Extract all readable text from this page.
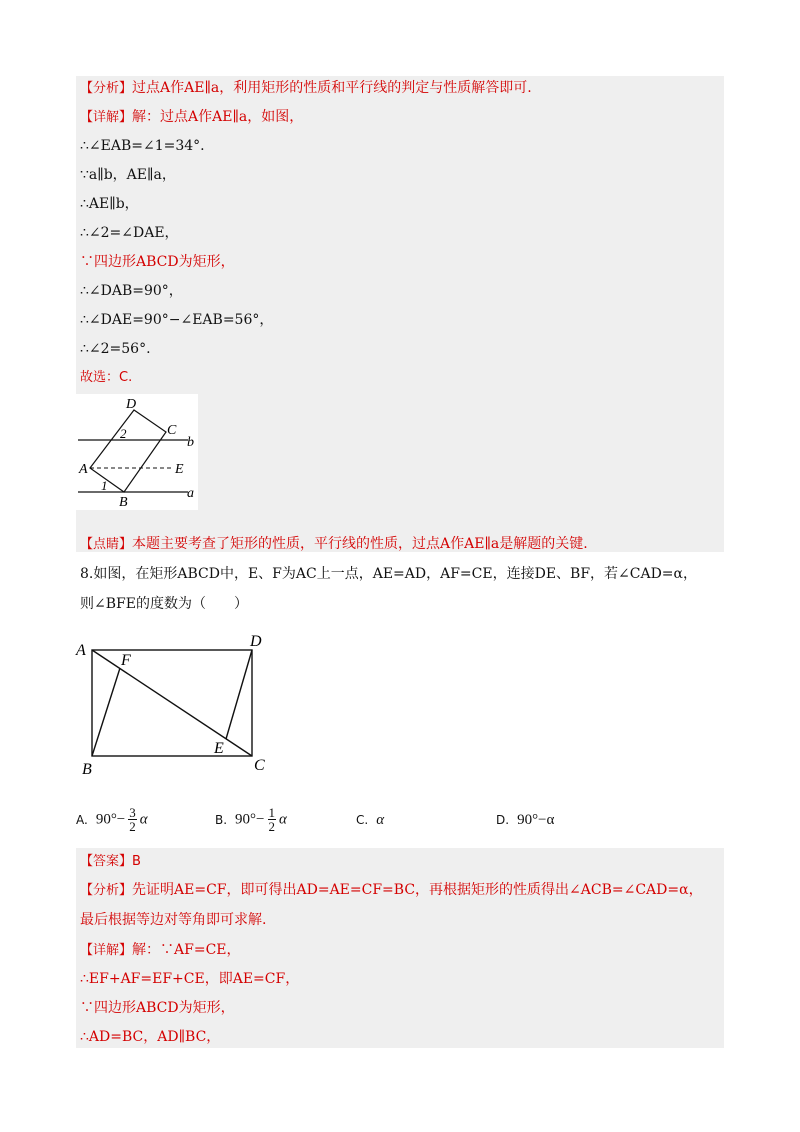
【分析】过点A作AE∥a，利用矩形的性质和平行线的判定与性质解答即可.
【详解】解：过点A作AE∥a，如图，
∴∠EAB=∠1=34°.
∵a∥b，AE∥a，
∴AE∥b，
∴∠2=∠DAE，
∵四边形ABCD为矩形，
∴∠DAB=90°，
∴∠DAE=90°−∠EAB=56°，
∴∠2=56°.
故选：C.
D
C
b
2
A	E
1
B
a
【点睛】本题主要考查了矩形的性质，平行线的性质，过点A作AE∥a是解题的关键.
8.如图，在矩形ABCD中，E、F为AC上一点，AE=AD，AF=CE，连接DE、BF，若∠CAD=α，
则∠BFE的度数为（　　）
A
D
F
E
B	C
A. $90^\circ- \frac{3}{2}$ α	B. $90^\circ- \frac{1}{2}$ α	C. α	D. 90°−α
【答案】B
【分析】先证明AE=CF，即可得出AD=AE=CF=BC，再根据矩形的性质得出∠ACB=∠CAD=α，
最后根据等边对等角即可求解.
【详解】解：∵AF=CE，
∴EF+AF=EF+CE，即AE=CF，
∵四边形ABCD为矩形，
∴AD=BC，AD∥BC，
